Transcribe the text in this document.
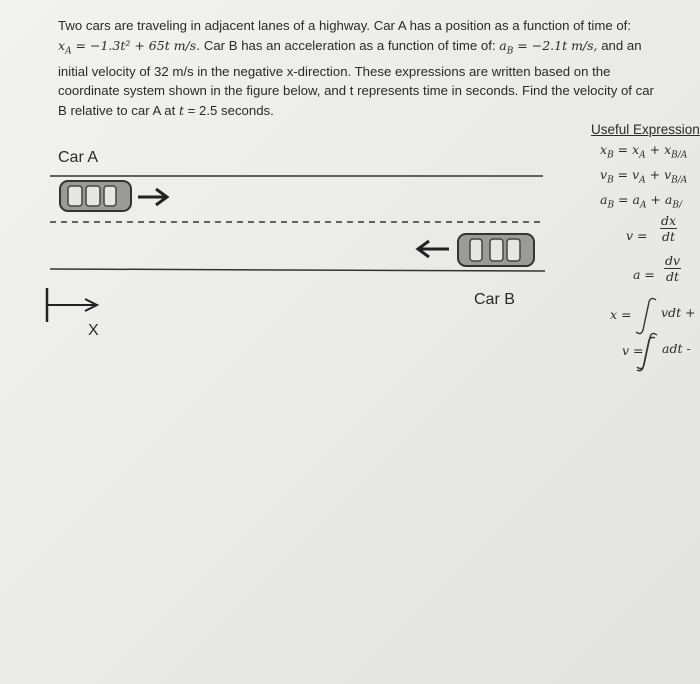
Two cars are traveling in adjacent lanes of a highway. Car A has a position as a function of time of:

$x_A = -1.3t^2 + 65t$ m/s. Car B has an acceleration as a function of time of: $a_B = -2.1t$ m/s, and an

initial velocity of 32 m/s in the negative x-direction. These expressions are written based on the

coordinate system shown in the figure below, and t represents time in seconds. Find the velocity of car

B relative to car A at t = 2.5 seconds.

Car A
Car B
X
Useful Expression
$x_B = x_A + x_{B/A}$
$v_B = v_A + v_{B/A}$
$a_B = a_A + a_{B/}$
$v = \frac{dx}{dt}$
$a = \frac{dv}{dt}$
x = vdt +
v = adt -
